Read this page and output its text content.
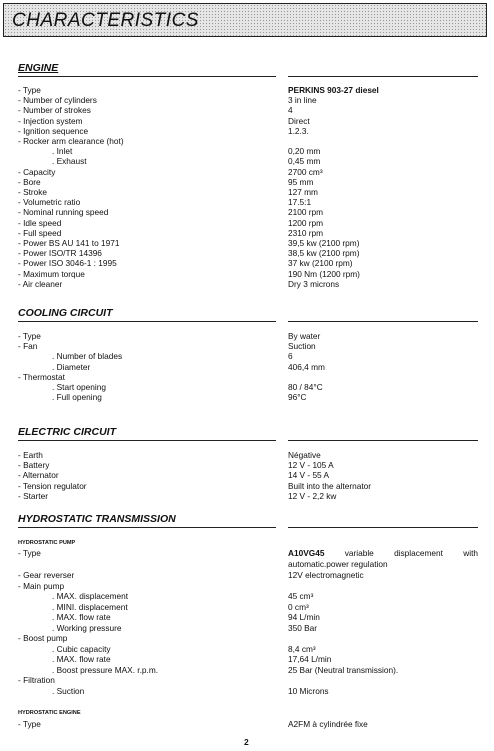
CHARACTERISTICS
ENGINE
- Type	PERKINS 903-27 diesel
- Number of cylinders	3 in line
- Number of strokes	4
- Injection system	Direct
- Ignition sequence	1.2.3.
- Rocker arm clearance (hot)
. Inlet	0,20 mm
. Exhaust	0,45 mm
- Capacity	2700 cm³
- Bore	95 mm
- Stroke	127 mm
- Volumetric ratio	17.5:1
- Nominal running speed	2100 rpm
- Idle speed	1200 rpm
- Full speed	2310 rpm
- Power BS AU 141 to 1971	39,5 kw (2100 rpm)
- Power ISO/TR 14396	38,5 kw (2100 rpm)
- Power ISO 3046-1 : 1995	37 kw (2100 rpm)
- Maximum torque	190 Nm (1200 rpm)
- Air cleaner	Dry 3 microns
COOLING CIRCUIT
- Type	By water
- Fan	Suction
. Number of blades	6
. Diameter	406,4 mm
- Thermostat
. Start opening	80 / 84°C
. Full opening	96°C
ELECTRIC CIRCUIT
- Earth	Négative
- Battery	12 V - 105 A
- Alternator	14 V - 55 A
- Tension regulator	Built into the alternator
- Starter	12 V - 2,2 kw
HYDROSTATIC TRANSMISSION
HYDROSTATIC PUMP
- Type	A10VG45 variable displacement with
automatic.power regulation
- Gear reverser	12V electromagnetic
- Main pump
. MAX. displacement	45 cm³
. MINI. displacement	0 cm³
. MAX. flow rate	94 L/min
. Working pressure	350 Bar
- Boost pump
. Cubic capacity	8,4 cm³
. MAX. flow rate	17,64 L/min
. Boost pressure MAX. r.p.m.	25 Bar (Neutral transmission).
- Filtration
. Suction	10 Microns
HYDROSTATIC ENGINE
- Type	A2FM à cylindrée fixe
2
